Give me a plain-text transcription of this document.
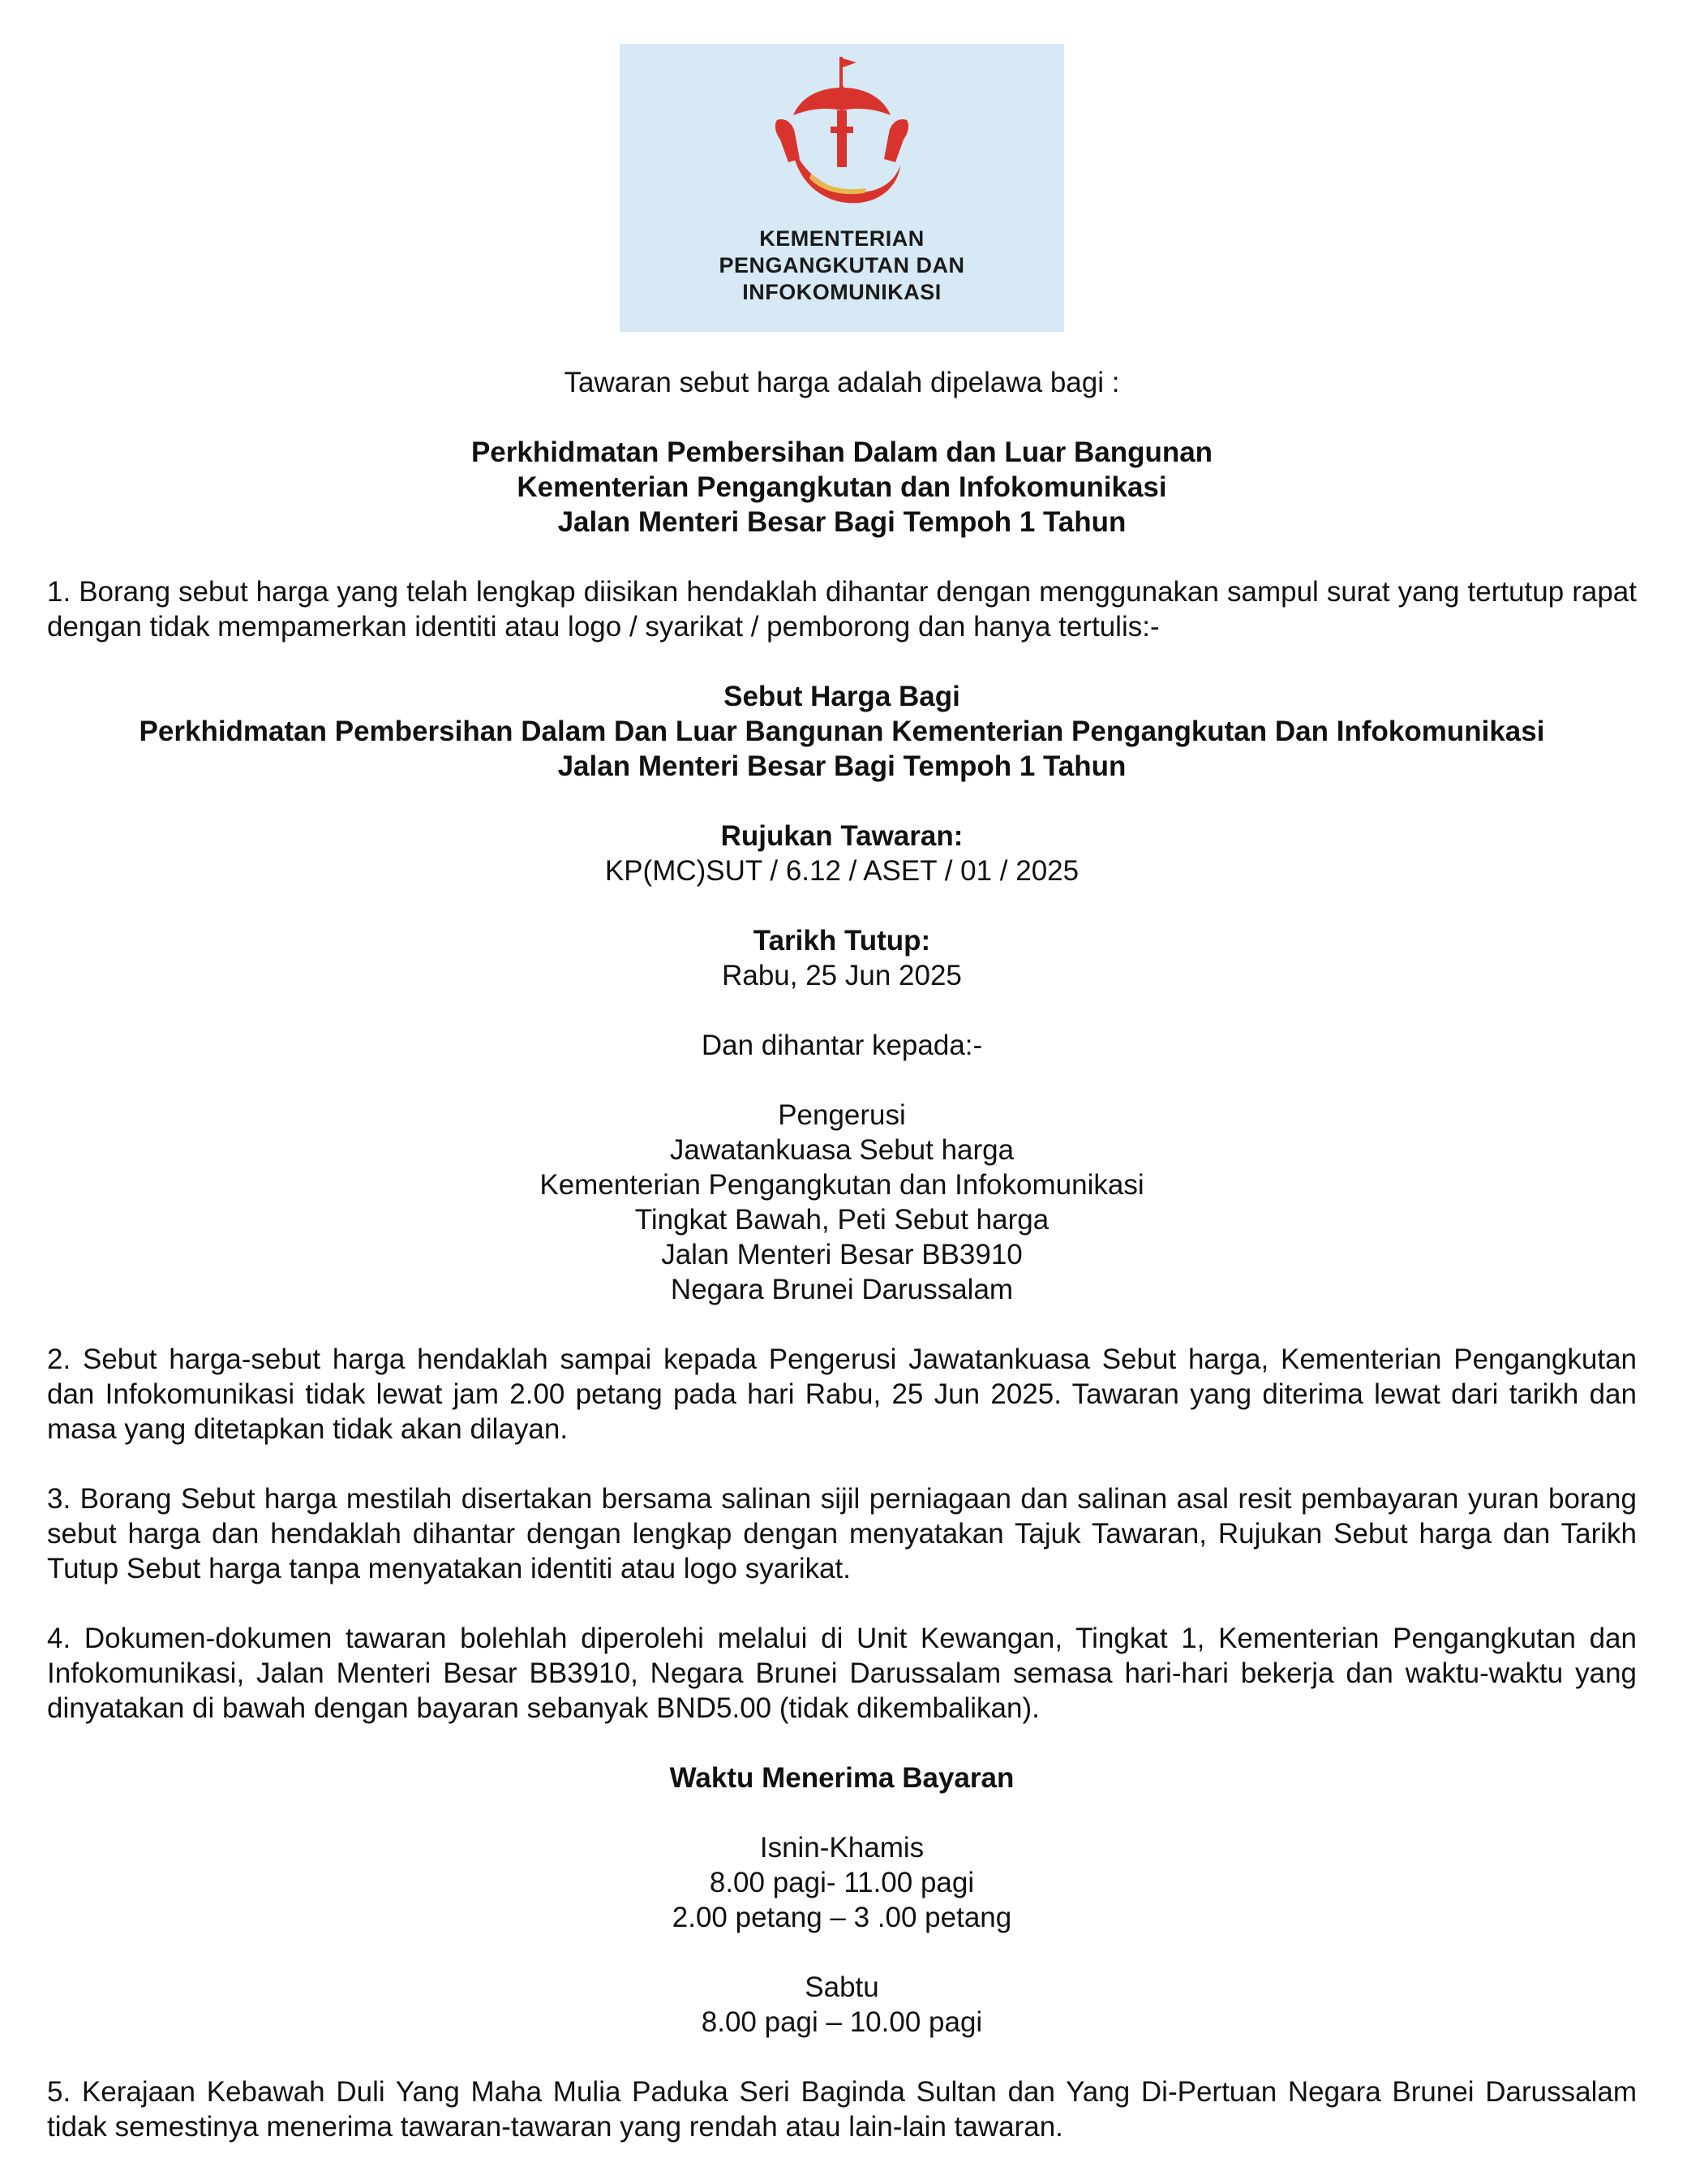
KEMENTERIAN
PENGANGKUTAN DAN
INFOKOMUNIKASI

Tawaran sebut harga adalah dipelawa bagi :

Perkhidmatan Pembersihan Dalam dan Luar Bangunan
Kementerian Pengangkutan dan Infokomunikasi
Jalan Menteri Besar Bagi Tempoh 1 Tahun

1. Borang sebut harga yang telah lengkap diisikan hendaklah dihantar dengan menggunakan sampul surat yang tertutup rapat dengan tidak mempamerkan identiti atau logo / syarikat / pemborong dan hanya tertulis:-

Sebut Harga Bagi
Perkhidmatan Pembersihan Dalam Dan Luar Bangunan Kementerian Pengangkutan Dan Infokomunikasi
Jalan Menteri Besar Bagi Tempoh 1 Tahun
Rujukan Tawaran:
KP(MC)SUT / 6.12 / ASET / 01 / 2025
Tarikh Tutup:
Rabu, 25 Jun 2025

Dan dihantar kepada:-

Pengerusi
Jawatankuasa Sebut harga
Kementerian Pengangkutan dan Infokomunikasi
Tingkat Bawah, Peti Sebut harga
Jalan Menteri Besar BB3910
Negara Brunei Darussalam

2. Sebut harga-sebut harga hendaklah sampai kepada Pengerusi Jawatankuasa Sebut harga, Kementerian Pengangkutan dan Infokomunikasi tidak lewat jam 2.00 petang pada hari Rabu, 25 Jun 2025. Tawaran yang diterima lewat dari tarikh dan masa yang ditetapkan tidak akan dilayan.

3. Borang Sebut harga mestilah disertakan bersama salinan sijil perniagaan dan salinan asal resit pembayaran yuran borang sebut harga dan hendaklah dihantar dengan lengkap dengan menyatakan Tajuk Tawaran, Rujukan Sebut harga dan Tarikh Tutup Sebut harga tanpa menyatakan identiti atau logo syarikat.

4. Dokumen-dokumen tawaran bolehlah diperolehi melalui di Unit Kewangan, Tingkat 1, Kementerian Pengangkutan dan Infokomunikasi, Jalan Menteri Besar BB3910, Negara Brunei Darussalam semasa hari-hari bekerja dan waktu-waktu yang dinyatakan di bawah dengan bayaran sebanyak BND5.00 (tidak dikembalikan).

Waktu Menerima Bayaran

Isnin-Khamis
8.00 pagi- 11.00 pagi
2.00 petang – 3 .00 petang
Sabtu
8.00 pagi – 10.00 pagi

5. Kerajaan Kebawah Duli Yang Maha Mulia Paduka Seri Baginda Sultan dan Yang Di-Pertuan Negara Brunei Darussalam tidak semestinya menerima tawaran-tawaran yang rendah atau lain-lain tawaran.
